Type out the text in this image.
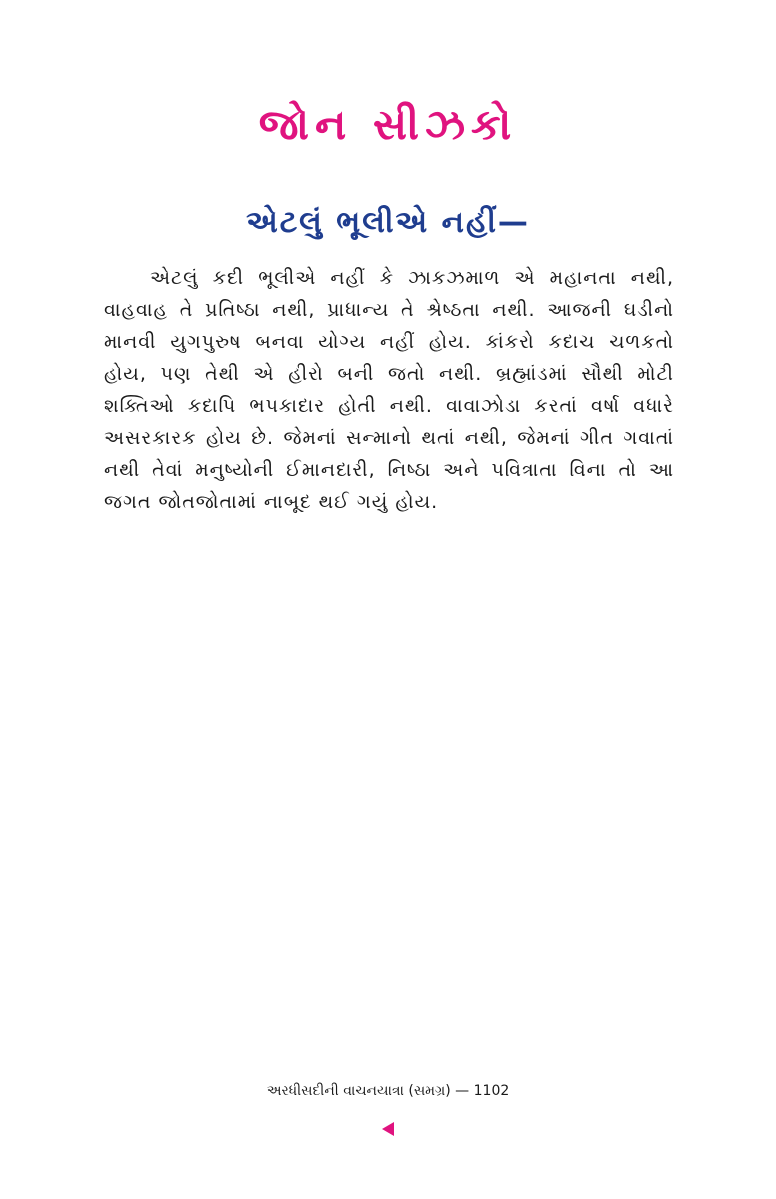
જોન સીઝકો
એટલું ભૂલીએ નહીં—
એટલું કદી ભૂલીએ નહીં કે ઝાકઝમાળ એ મહાનતા નથી,
વાહવાહ તે પ્રતિષ્ઠા નથી, પ્રાધાન્ય તે શ્રેષ્ઠતા નથી. આજની ઘડીનો
માનવી યુગપુરુષ બનવા યોગ્ય નહીં હોય. કાંકરો કદાચ ચળકતો
હોય, પણ તેથી એ હીરો બની જતો નથી. બ્રહ્માંડમાં સૌથી મોટી
શક્તિઓ કદાપિ ભપકાદાર હોતી નથી. વાવાઝોડા કરતાં વર્ષા વધારે
અસરકારક હોય છે. જેમનાં સન્માનો થતાં નથી, જેમનાં ગીત ગવાતાં
નથી તેવાં મનુષ્યોની ઈમાનદારી, નિષ્ઠા અને પવિત્રાતા વિના તો આ
જગત જોતજોતામાં નાબૂદ થઈ ગયું હોય.
અરધીસદીની વાચનયાત્રા (સમગ્ર) — 1102
